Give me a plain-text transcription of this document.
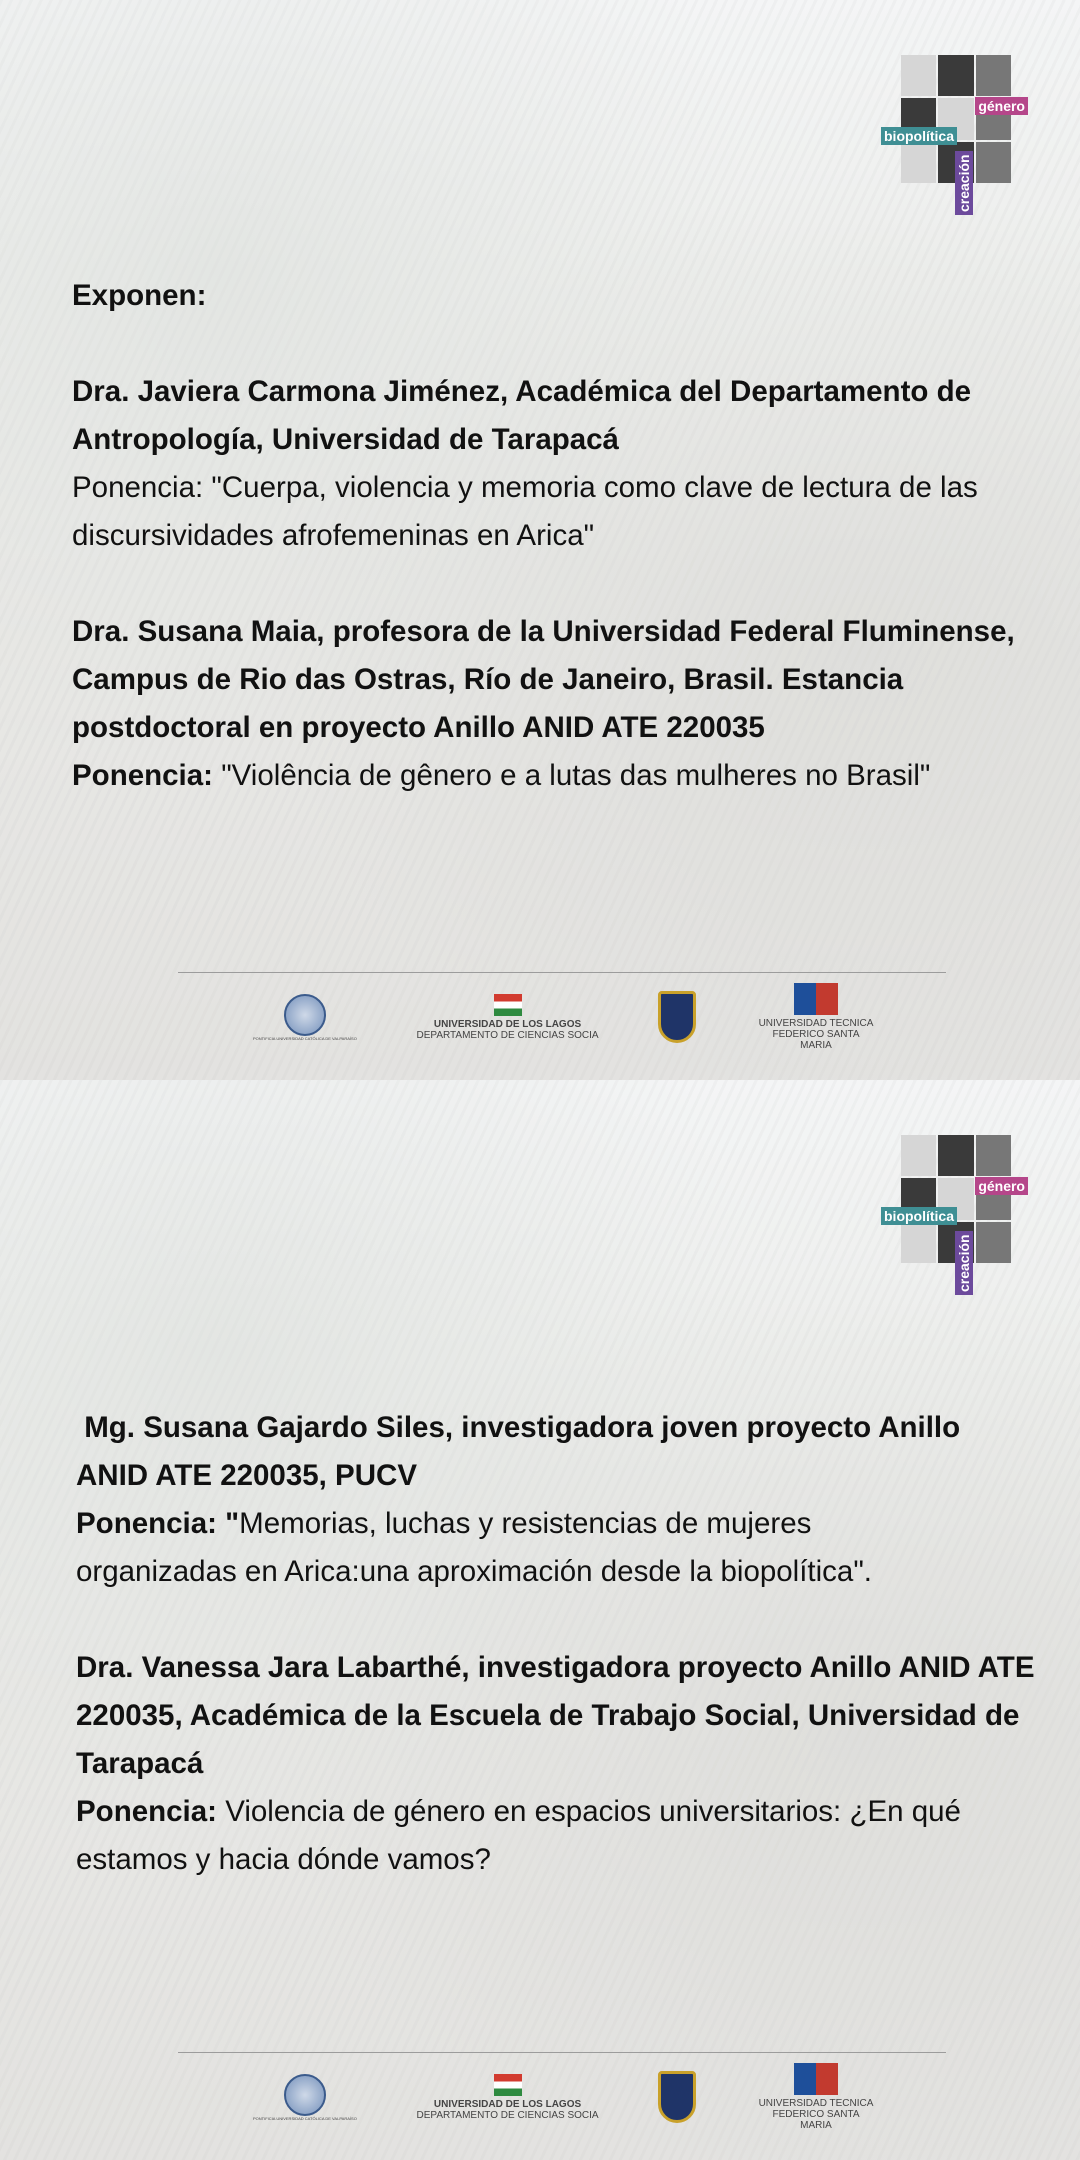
género
biopolítica
creación

Exponen:

Dra. Javiera Carmona Jiménez, Académica del Departamento de Antropología, Universidad de Tarapacá

Ponencia: "Cuerpa, violencia y memoria como clave de lectura de las discursividades afrofemeninas en Arica"

Dra. Susana Maia, profesora de la Universidad Federal Fluminense, Campus de Rio das Ostras, Río de Janeiro, Brasil. Estancia postdoctoral en proyecto Anillo ANID ATE 220035

Ponencia: "Violência de gênero e a lutas das mulheres no Brasil"

PONTIFICIA UNIVERSIDAD CATÓLICA DE VALPARAÍSO
UNIVERSIDAD DE LOS LAGOS
DEPARTAMENTO DE CIENCIAS SOCIA
UNIVERSIDAD TECNICA FEDERICO SANTA MARIA
género
biopolítica
creación

Mg. Susana Gajardo Siles, investigadora joven proyecto Anillo ANID ATE 220035, PUCV

Ponencia: "Memorias, luchas y resistencias de mujeres organizadas en Arica:una aproximación desde la biopolítica".

Dra. Vanessa Jara Labarthé, investigadora proyecto Anillo ANID ATE 220035, Académica de la Escuela de Trabajo Social, Universidad de Tarapacá

Ponencia: Violencia de género en espacios universitarios: ¿En qué estamos y hacia dónde vamos?

PONTIFICIA UNIVERSIDAD CATÓLICA DE VALPARAÍSO
UNIVERSIDAD DE LOS LAGOS
DEPARTAMENTO DE CIENCIAS SOCIA
UNIVERSIDAD TECNICA FEDERICO SANTA MARIA
